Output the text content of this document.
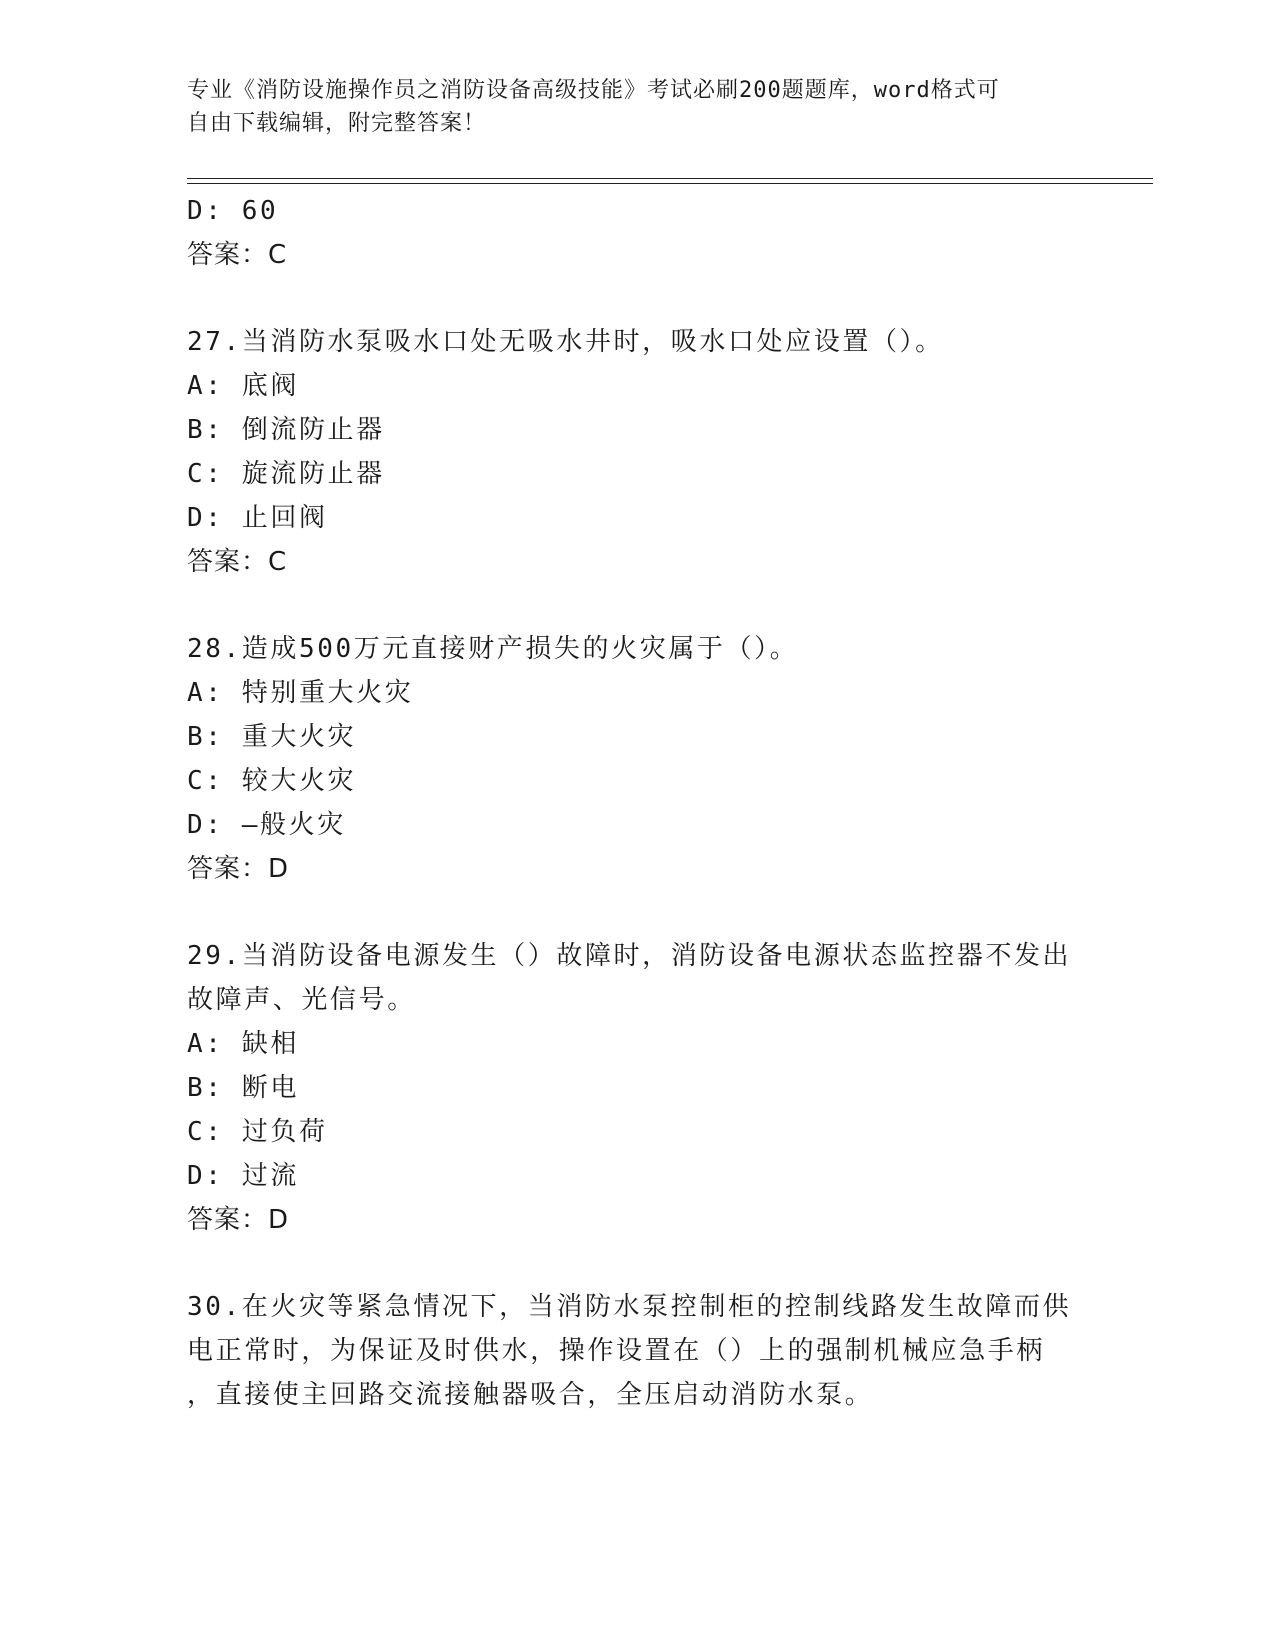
专业《消防设施操作员之消防设备高级技能》考试必刷200题题库，word格式可
自由下载编辑，附完整答案！
D: 60
答案：C
27.当消防水泵吸水口处无吸水井时，吸水口处应设置（）。
A: 底阀
B: 倒流防止器
C: 旋流防止器
D: 止回阀
答案：C
28.造成500万元直接财产损失的火灾属于（）。
A: 特别重大火灾
B: 重大火灾
C: 较大火灾
D: —般火灾
答案：D
29.当消防设备电源发生（）故障时，消防设备电源状态监控器不发出
故障声、光信号。
A: 缺相
B: 断电
C: 过负荷
D: 过流
答案：D
30.在火灾等紧急情况下，当消防水泵控制柜的控制线路发生故障而供
电正常时，为保证及时供水，操作设置在（）上的强制机械应急手柄
，直接使主回路交流接触器吸合，全压启动消防水泵。
